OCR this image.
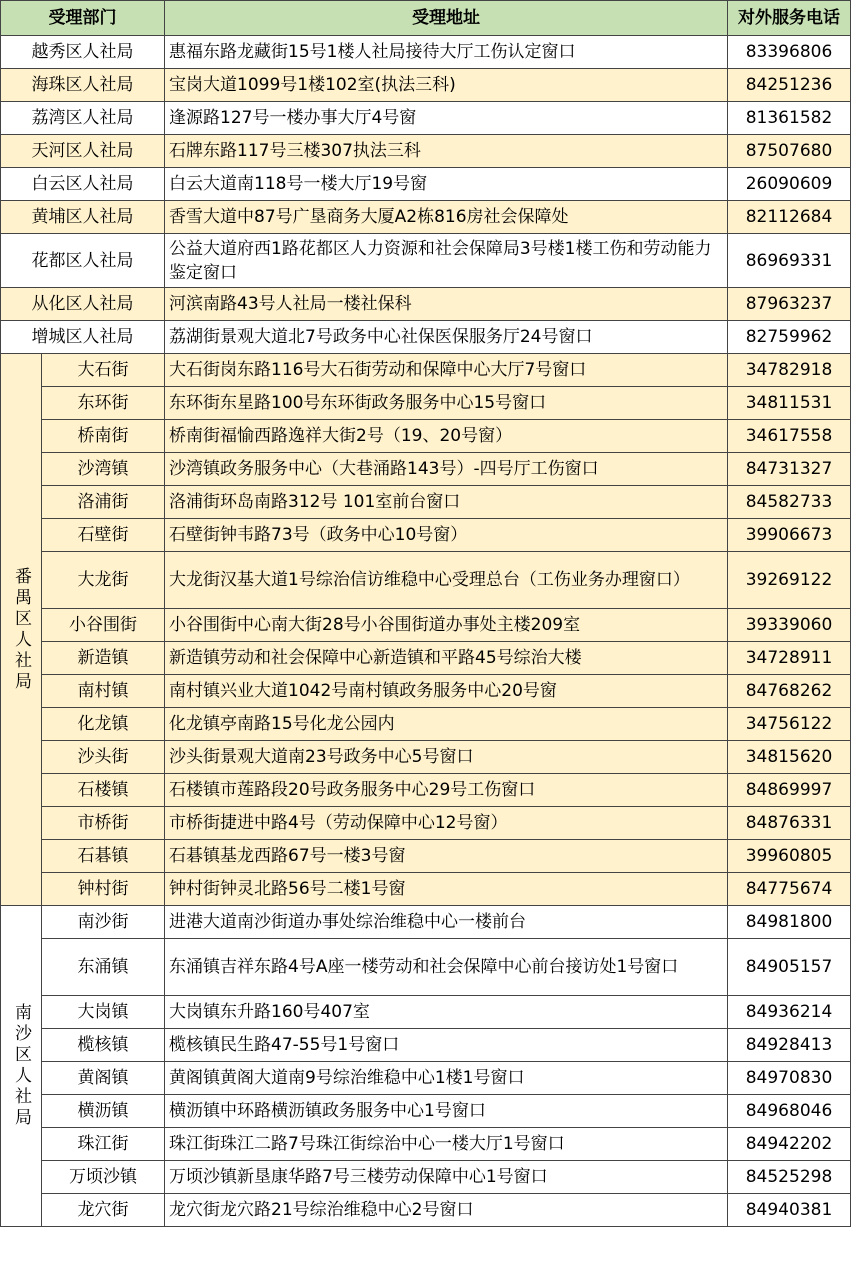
受理部门		受理地址	对外服务电话
越秀区人社局		惠福东路龙藏街15号1楼人社局接待大厅工伤认定窗口	83396806
海珠区人社局		宝岗大道1099号1楼102室(执法三科)	84251236
荔湾区人社局		逢源路127号一楼办事大厅4号窗	81361582
天河区人社局		石牌东路117号三楼307执法三科	87507680
白云区人社局		白云大道南118号一楼大厅19号窗	26090609
黄埔区人社局		香雪大道中87号广垦商务大厦A2栋816房社会保障处	82112684
花都区人社局		公益大道府西1路花都区人力资源和社会保障局3号楼1楼工伤和劳动能力鉴定窗口	86969331
从化区人社局		河滨南路43号人社局一楼社保科	87963237
增城区人社局		荔湖街景观大道北7号政务中心社保医保服务厅24号窗口	82759962
番禺区人社局	大石街	大石街岗东路116号大石街劳动和保障中心大厅7号窗口	34782918
	东环街	东环街东星路100号东环街政务服务中心15号窗口	34811531
	桥南街	桥南街福愉西路逸祥大街2号（19、20号窗）	34617558
	沙湾镇	沙湾镇政务服务中心（大巷涌路143号）-四号厅工伤窗口	84731327
	洛浦街	洛浦街环岛南路312号 101室前台窗口	84582733
	石壁街	石壁街钟韦路73号（政务中心10号窗）	39906673
	大龙街	大龙街汉基大道1号综治信访维稳中心受理总台（工伤业务办理窗口）	39269122
	小谷围街	小谷围街中心南大街28号小谷围街道办事处主楼209室	39339060
	新造镇	新造镇劳动和社会保障中心新造镇和平路45号综治大楼	34728911
	南村镇	南村镇兴业大道1042号南村镇政务服务中心20号窗	84768262
	化龙镇	化龙镇亭南路15号化龙公园内	34756122
	沙头街	沙头街景观大道南23号政务中心5号窗口	34815620
	石楼镇	石楼镇市莲路段20号政务服务中心29号工伤窗口	84869997
	市桥街	市桥街捷进中路4号（劳动保障中心12号窗）	84876331
	石碁镇	石碁镇基龙西路67号一楼3号窗	39960805
	钟村街	钟村街钟灵北路56号二楼1号窗	84775674
南沙区人社局	南沙街	进港大道南沙街道办事处综治维稳中心一楼前台	84981800
	东涌镇	东涌镇吉祥东路4号A座一楼劳动和社会保障中心前台接访处1号窗口	84905157
	大岗镇	大岗镇东升路160号407室	84936214
	榄核镇	榄核镇民生路47-55号1号窗口	84928413
	黄阁镇	黄阁镇黄阁大道南9号综治维稳中心1楼1号窗口	84970830
	横沥镇	横沥镇中环路横沥镇政务服务中心1号窗口	84968046
	珠江街	珠江街珠江二路7号珠江街综治中心一楼大厅1号窗口	84942202
	万顷沙镇	万顷沙镇新垦康华路7号三楼劳动保障中心1号窗口	84525298
	龙穴街	龙穴街龙穴路21号综治维稳中心2号窗口	84940381
